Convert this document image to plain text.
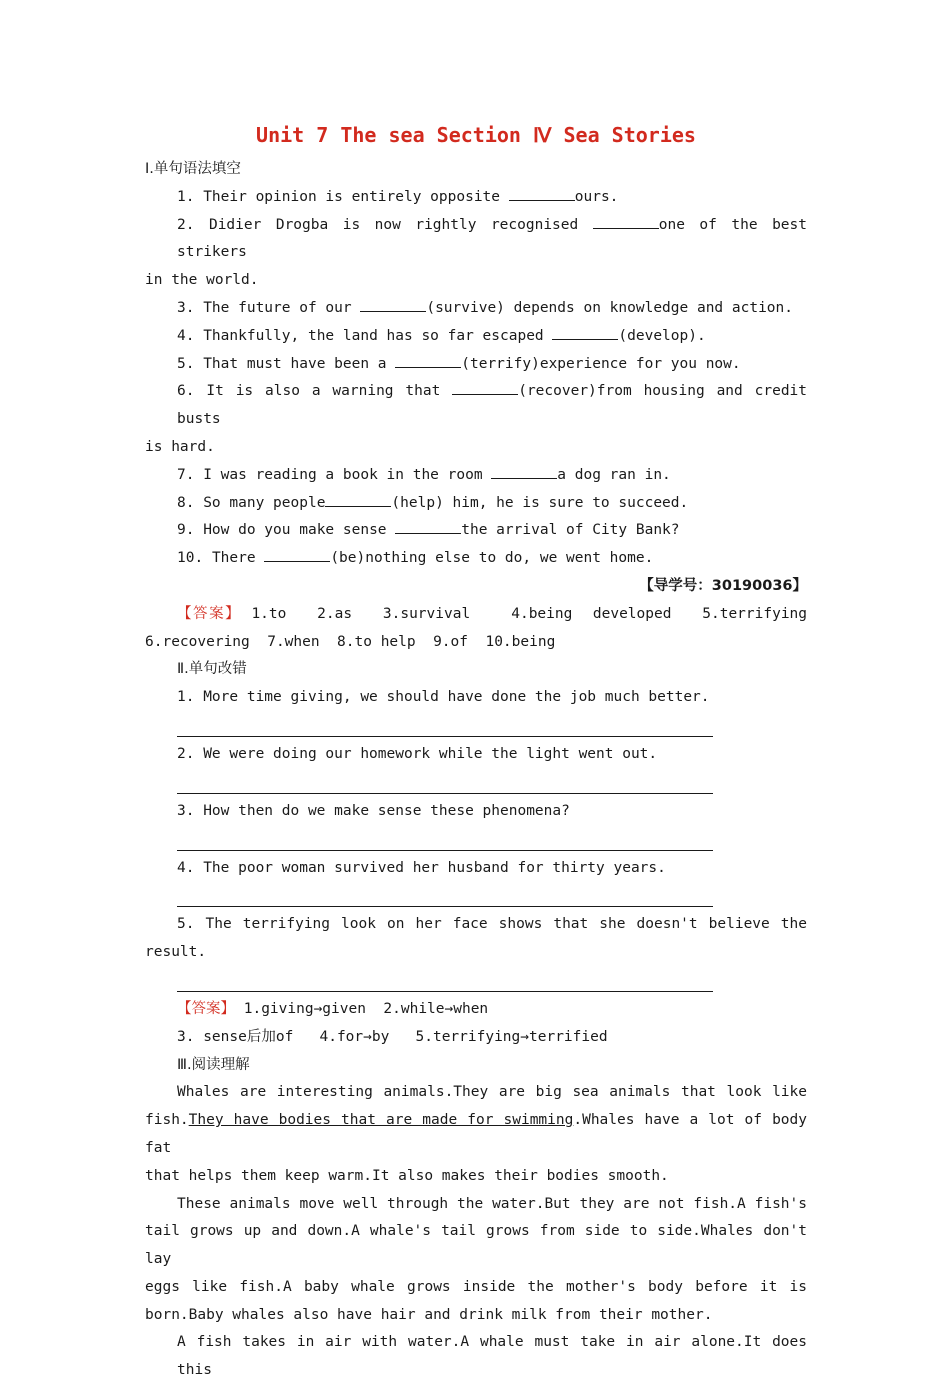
Unit 7 The sea Section Ⅳ Sea Stories
Ⅰ.单句语法填空
1. Their opinion is entirely opposite	ours.
2. Didier Drogba is now rightly recognised	one of the best strikers
in the world.
3. The future of our	(survive) depends on knowledge and action.
4. Thankfully, the land has so far escaped	(develop).
5. That must have been a	(terrify)experience for you now.
6. It is also a warning that	(recover)from housing and credit busts
is hard.
7. I was reading a book in the room	a dog ran in.
8. So many people	(help) him, he is sure to succeed.
9. How do you make sense	the arrival of City Bank?
10. There	(be)nothing else to do, we went home.
【导学号：30190036】
【答案】 1.to   2.as   3.survival    4.being  developed   5.terrifying
6.recovering  7.when  8.to help  9.of  10.being
Ⅱ.单句改错
1. More time giving, we should have done the job much better.
2. We were doing our homework while the light went out.
3. How then do we make sense these phenomena?
4. The poor woman survived her husband for thirty years.
5. The terrifying look on her face shows that she doesn't believe the
result.
【答案】 1.giving→given  2.while→when
3. sense后加of   4.for→by   5.terrifying→terrified
Ⅲ.阅读理解
Whales are interesting animals.They are big sea animals that look like
fish.They have bodies that are made for swimming.Whales have a lot of body fat
that helps them keep warm.It also makes their bodies smooth.
These animals move well through the water.But they are not fish.A fish's
tail grows up and down.A whale's tail grows from side to side.Whales don't lay
eggs like fish.A baby whale grows inside the mother's body before it is
born.Baby whales also have hair and drink milk from their mother.
A fish takes in air with water.A whale must take in air alone.It does this
